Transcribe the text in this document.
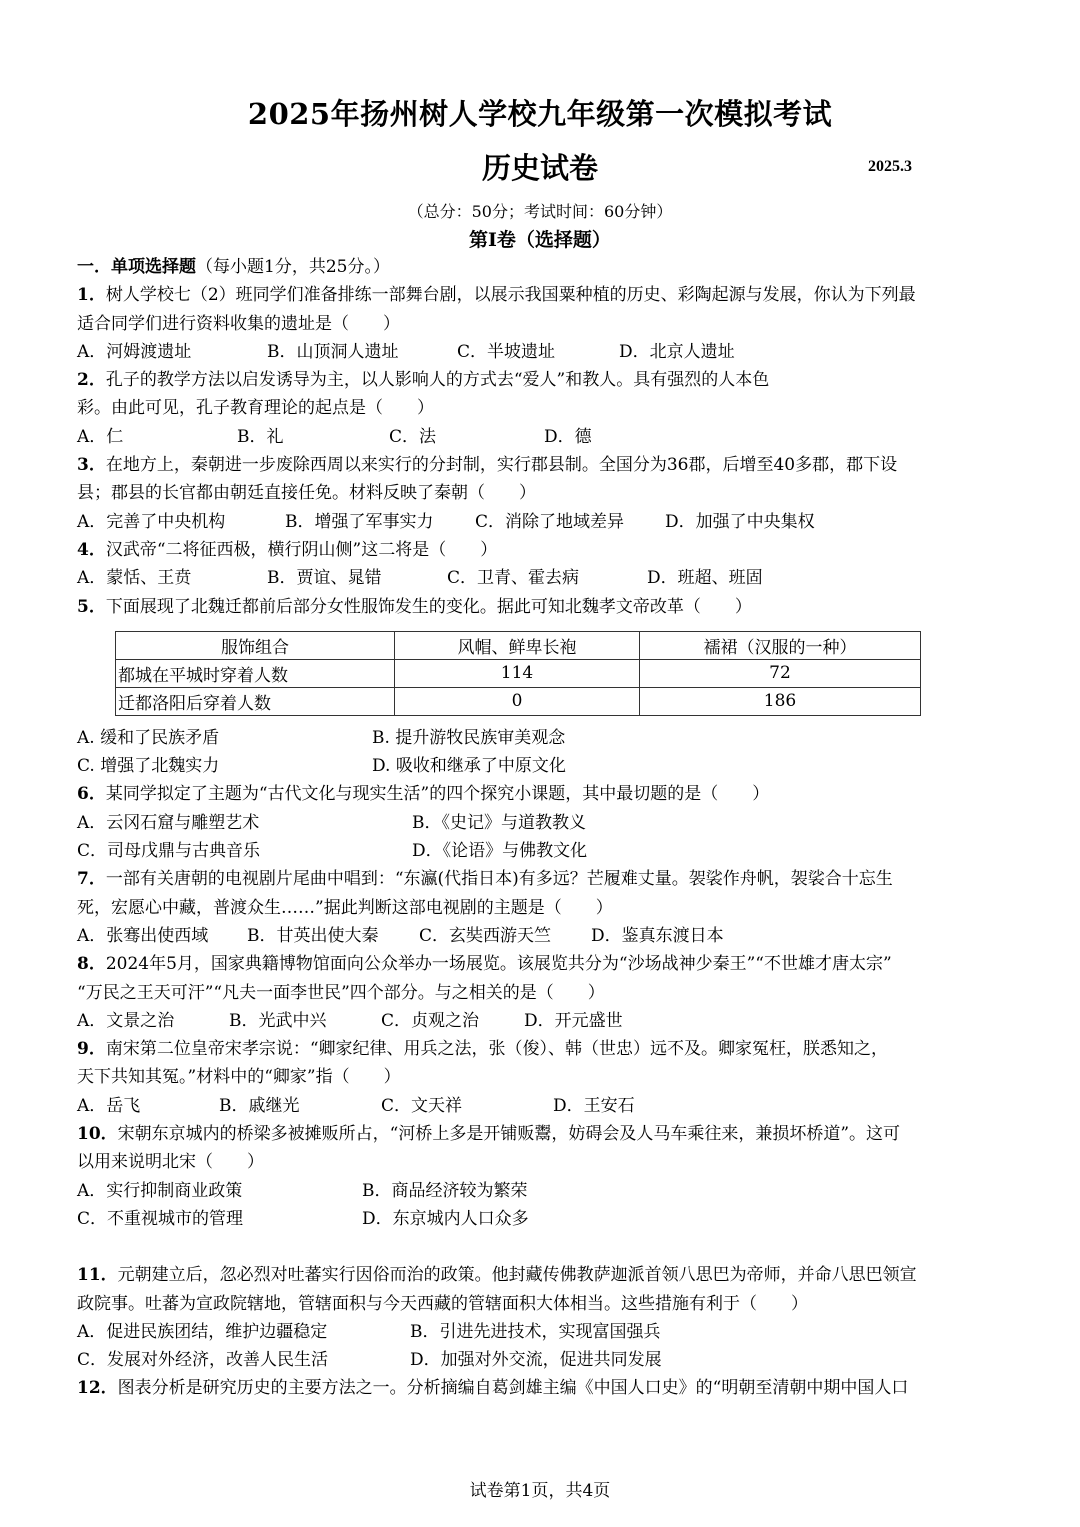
2025年扬州树人学校九年级第一次模拟考试
历史试卷	2025.3
（总分：50分；考试时间：60分钟）
第Ⅰ卷（选择题）
一．单项选择题（每小题1分，共25分。）
1．树人学校七（2）班同学们准备排练一部舞台剧，以展示我国粟种植的历史、彩陶起源与发展，你认为下列最
适合同学们进行资料收集的遗址是（　　）
A．河姆渡遗址	B．山顶洞人遗址	C．半坡遗址	D．北京人遗址
2．孔子的教学方法以启发诱导为主，以人影响人的方式去“爱人”和教人。具有强烈的人本色
彩。由此可见，孔子教育理论的起点是（　　）
A．仁	B．礼	C．法	D．德
3．在地方上，秦朝进一步废除西周以来实行的分封制，实行郡县制。全国分为36郡，后增至40多郡，郡下设
县；郡县的长官都由朝廷直接任免。材料反映了秦朝（　　）
A．完善了中央机构	B．增强了军事实力	C．消除了地域差异	D．加强了中央集权
4．汉武帝“二将征西极，横行阴山侧”这二将是（　　）
A．蒙恬、王贲	B．贾谊、晁错	C．卫青、霍去病	D．班超、班固
5．下面展现了北魏迁都前后部分女性服饰发生的变化。据此可知北魏孝文帝改革（　　）
服饰组合	风帽、鲜卑长袍	襦裙（汉服的一种）
都城在平城时穿着人数	114	72
迁都洛阳后穿着人数	0	186
A. 缓和了民族矛盾	B. 提升游牧民族审美观念
C. 增强了北魏实力	D. 吸收和继承了中原文化
6．某同学拟定了主题为“古代文化与现实生活”的四个探究小课题，其中最切题的是（　　）
A．云冈石窟与雕塑艺术	B．《史记》与道教教义
C．司母戊鼎与古典音乐	D．《论语》与佛教文化
7．一部有关唐朝的电视剧片尾曲中唱到：“东瀛(代指日本)有多远？芒履难丈量。袈裟作舟帆，袈裟合十忘生
死，宏愿心中藏，普渡众生……”据此判断这部电视剧的主题是（　　）
A．张骞出使西域	B．甘英出使大秦	C．玄奘西游天竺	D．鉴真东渡日本
8．2024年5月，国家典籍博物馆面向公众举办一场展览。该展览共分为“沙场战神少秦王”“不世雄才唐太宗”
“万民之王天可汗”“凡夫一面李世民”四个部分。与之相关的是（　　）
A．文景之治	B．光武中兴	C．贞观之治	D．开元盛世
9．南宋第二位皇帝宋孝宗说：“卿家纪律、用兵之法，张（俊）、韩（世忠）远不及。卿家冤枉，朕悉知之，
天下共知其冤。”材料中的“卿家”指（　　）
A．岳飞	B．戚继光	C．文天祥	D．王安石
10．宋朝东京城内的桥梁多被摊贩所占，“河桥上多是开铺贩鬻，妨碍会及人马车乘往来，兼损坏桥道”。这可
以用来说明北宋（　　）
A．实行抑制商业政策	B．商品经济较为繁荣
C．不重视城市的管理	D．东京城内人口众多
11．元朝建立后，忽必烈对吐蕃实行因俗而治的政策。他封藏传佛教萨迦派首领八思巴为帝师，并命八思巴领宣
政院事。吐蕃为宣政院辖地，管辖面积与今天西藏的管辖面积大体相当。这些措施有利于（　　）
A．促进民族团结，维护边疆稳定	B．引进先进技术，实现富国强兵
C．发展对外经济，改善人民生活	D．加强对外交流，促进共同发展
12．图表分析是研究历史的主要方法之一。分析摘编自葛剑雄主编《中国人口史》的“明朝至清朝中期中国人口
试卷第1页，共4页
